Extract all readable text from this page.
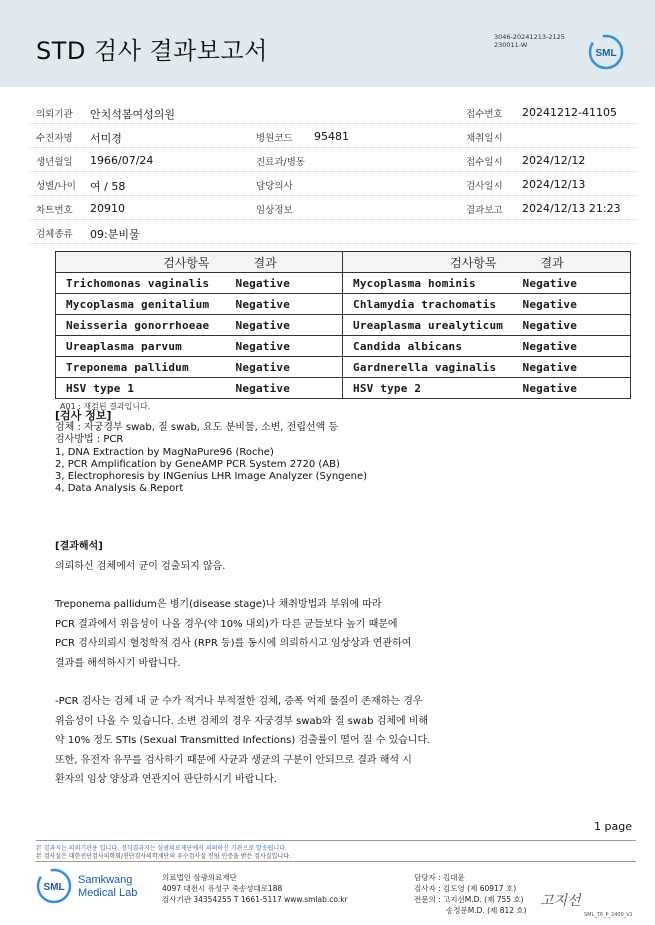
STD 검사 결과보고서	3046-20241213-2125
230011-W
SML
의뢰기관 안치석봄여성의원	접수번호 20241212-41105
수진자명 서미경	병원코드 95481	채취일시
생년월일 1966/07/24	진료과/병동	접수일시 2024/12/12
성별/나이 여 / 58	담당의사	검사일시 2024/12/13
차트번호 20910	임상정보	결과보고 2024/12/13 21:23
검체종류 09:분비물
검사항목	결과	검사항목	결과
Trichomonas vaginalis	Negative	Mycoplasma hominis	Negative
Mycoplasma genitalium	Negative	Chlamydia trachomatis	Negative
Neisseria gonorrhoeae	Negative	Ureaplasma urealyticum	Negative
Ureaplasma parvum	Negative	Candida albicans	Negative
Treponema pallidum	Negative	Gardnerella vaginalis	Negative
HSV type 1	Negative	HSV type 2	Negative
A01 : 재검된 결과입니다.
[검사 정보]
검체 : 자궁경부 swab, 질 swab, 요도 분비물, 소변, 전립선액 등
검사방법 : PCR
1, DNA Extraction by MagNaPure96 (Roche)
2, PCR Amplification by GeneAMP PCR System 2720 (AB)
3, Electrophoresis by INGenius LHR Image Analyzer (Syngene)
4, Data Analysis & Report

[결과해석]

의뢰하신 검체에서 균이 검출되지 않음.

Treponema pallidum은 병기(disease stage)나 채취방법과 부위에 따라

PCR 결과에서 위음성이 나올 경우(약 10% 내외)가 다른 균들보다 높기 때문에

PCR 검사의뢰시 혈청학적 검사 (RPR 등)를 동시에 의뢰하시고 임상상과 연관하여

결과를 해석하시기 바랍니다.

-PCR 검사는 검체 내 균 수가 적거나 부적절한 검체, 증폭 억제 물질이 존재하는 경우

위음성이 나올 수 있습니다. 소변 검체의 경우 자궁경부 swab와 질 swab 검체에 비해

약 10% 정도 STIs (Sexual Transmitted Infections) 검출률이 떨어 질 수 있습니다.

또한, 유전자 유무를 검사하기 때문에 사균과 생균의 구분이 안되므로 결과 해석 시

환자의 임상 양상과 연관지어 판단하시기 바랍니다.

1 page
본 결과지는 의뢰기관용 입니다. 정식결과지는 삼광의료재단에서 의뢰하신 기관으로 발송됩니다.
본 검사실은 대한진단검사의학회/진단검사의학재단의 우수검사실 신임 인증을 받은 검사실입니다.
SML
Samkwang
Medical Lab
의료법인 삼광의료재단
4097 대전시 유성구 죽송성대로188
검사기관 34354255 T 1661-5117 www.smlab.co.kr
담당자 : 김대윤
검사자 : 김도영 (제 60917 호)
전문의 : 고지선M.D. (제 755 호)
송정문M.D. (제 812 호)
고지선
SML_T6_P_2400_V1
